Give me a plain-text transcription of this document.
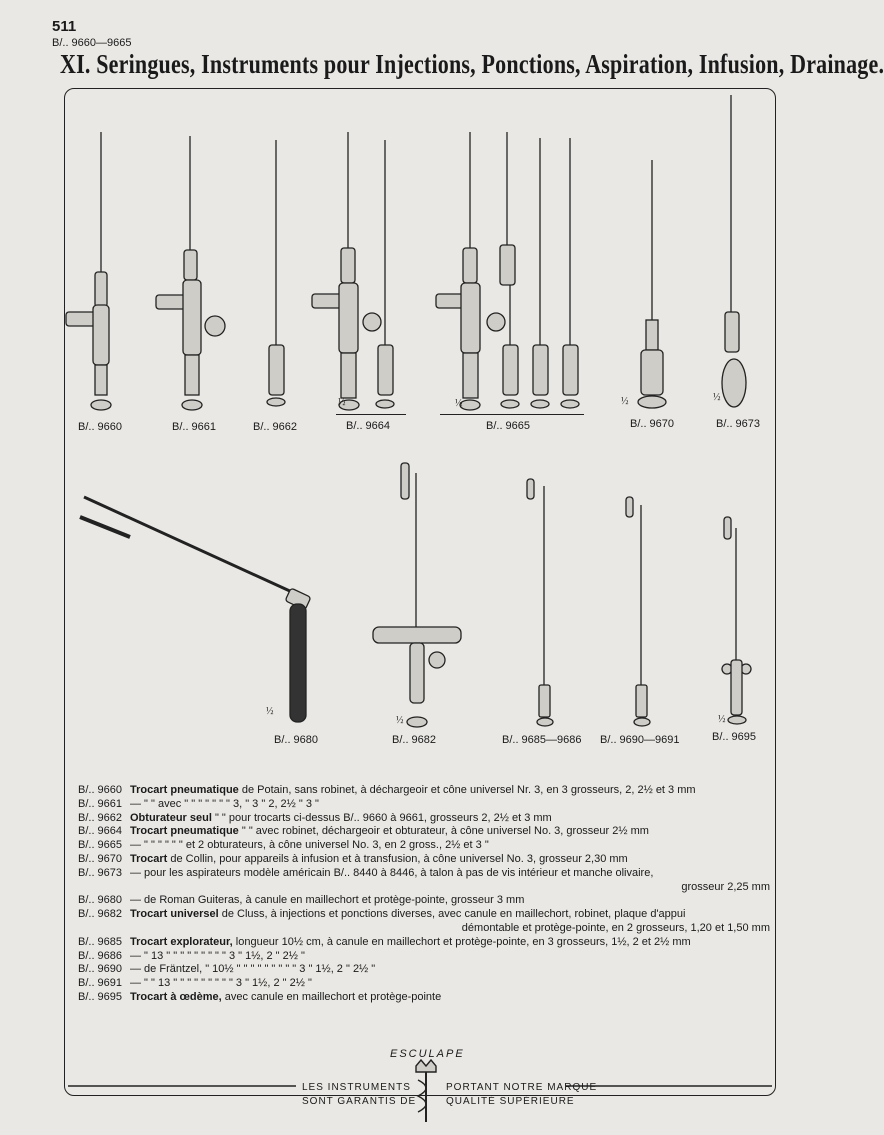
511
B/.. 9660—9665
XI. Seringues, Instruments pour Injections, Ponctions, Aspiration, Infusion, Drainage.
½	½	½	½
½
½	½
B/.. 9660	B/.. 9661	B/.. 9662	B/.. 9664	B/.. 9665	B/.. 9670	B/.. 9673
B/.. 9680	B/.. 9682	B/.. 9685—9686 B/.. 9690—9691	B/.. 9695
B/.. 9660 Trocart pneumatique de Potain, sans robinet, à déchargeoir et cône universel Nr. 3, en 3 grosseurs, 2, 2½ et 3 mm
B/.. 9661 — " " avec " " " " " " " 3, " 3 " 2, 2½ " 3 "
B/.. 9662 Obturateur seul " " pour trocarts ci-dessus B/.. 9660 à 9661, grosseurs 2, 2½ et 3 mm
B/.. 9664 Trocart pneumatique " " avec robinet, déchargeoir et obturateur, à cône universel No. 3, grosseur 2½ mm
B/.. 9665 — " " " " " " et 2 obturateurs, à cône universel No. 3, en 2 gross., 2½ et 3 "
B/.. 9670 Trocart de Collin, pour appareils à infusion et à transfusion, à cône universel No. 3, grosseur 2,30 mm
B/.. 9673 — pour les aspirateurs modèle américain B/.. 8440 à 8446, à talon à pas de vis intérieur et manche olivaire,
grosseur 2,25 mm
B/.. 9680 — de Roman Guiteras, à canule en maillechort et protège-pointe, grosseur 3 mm
B/.. 9682 Trocart universel de Cluss, à injections et ponctions diverses, avec canule en maillechort, robinet, plaque d'appui
démontable et protège-pointe, en 2 grosseurs, 1,20 et 1,50 mm
B/.. 9685 Trocart explorateur, longueur 10½ cm, à canule en maillechort et protège-pointe, en 3 grosseurs, 1½, 2 et 2½ mm
B/.. 9686 — " 13 " " " " " " " " " 3 " 1½, 2 " 2½ "
B/.. 9690 — de Fräntzel, " 10½ " " " " " " " " " 3 " 1½, 2 " 2½ "
B/.. 9691 — " " 13 " " " " " " " " " 3 " 1½, 2 " 2½ "
B/.. 9695 Trocart à œdème, avec canule en maillechort et protège-pointe
ESCULAPE
LES INSTRUMENTS
SONT GARANTIS DE
PORTANT NOTRE MARQUE
QUALITÉ SUPÉRIEURE
